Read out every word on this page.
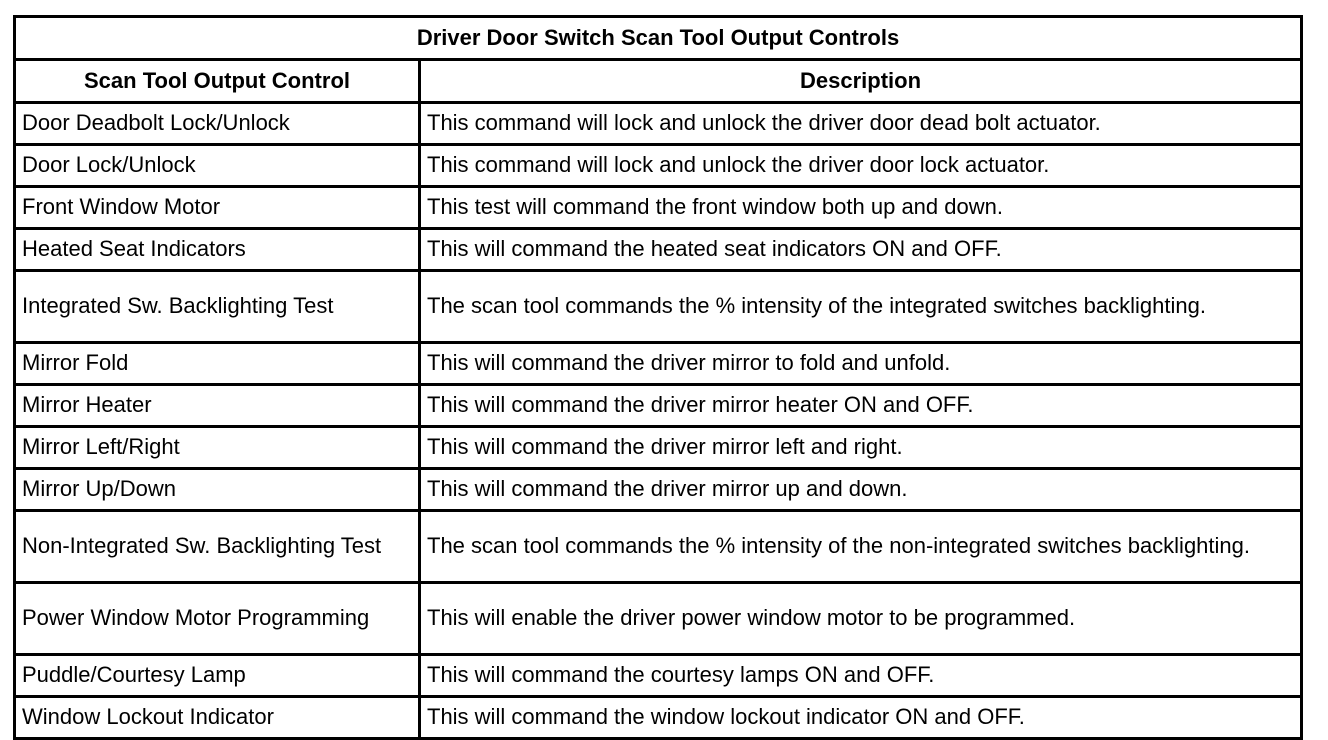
Driver Door Switch Scan Tool Output Controls	
Scan Tool Output Control	Description
Door Deadbolt Lock/Unlock	This command will lock and unlock the driver door dead bolt actuator.
Door Lock/Unlock	This command will lock and unlock the driver door lock actuator.
Front Window Motor	This test will command the front window both up and down.
Heated Seat Indicators	This will command the heated seat indicators ON and OFF.
Integrated Sw. Backlighting Test	The scan tool commands the % intensity of the integrated switches backlighting.
Mirror Fold	This will command the driver mirror to fold and unfold.
Mirror Heater	This will command the driver mirror heater ON and OFF.
Mirror Left/Right	This will command the driver mirror left and right.
Mirror Up/Down	This will command the driver mirror up and down.
Non-Integrated Sw. Backlighting Test	The scan tool commands the % intensity of the non-integrated switches backlighting.
Power Window Motor Programming	This will enable the driver power window motor to be programmed.
Puddle/Courtesy Lamp	This will command the courtesy lamps ON and OFF.
Window Lockout Indicator	This will command the window lockout indicator ON and OFF.
